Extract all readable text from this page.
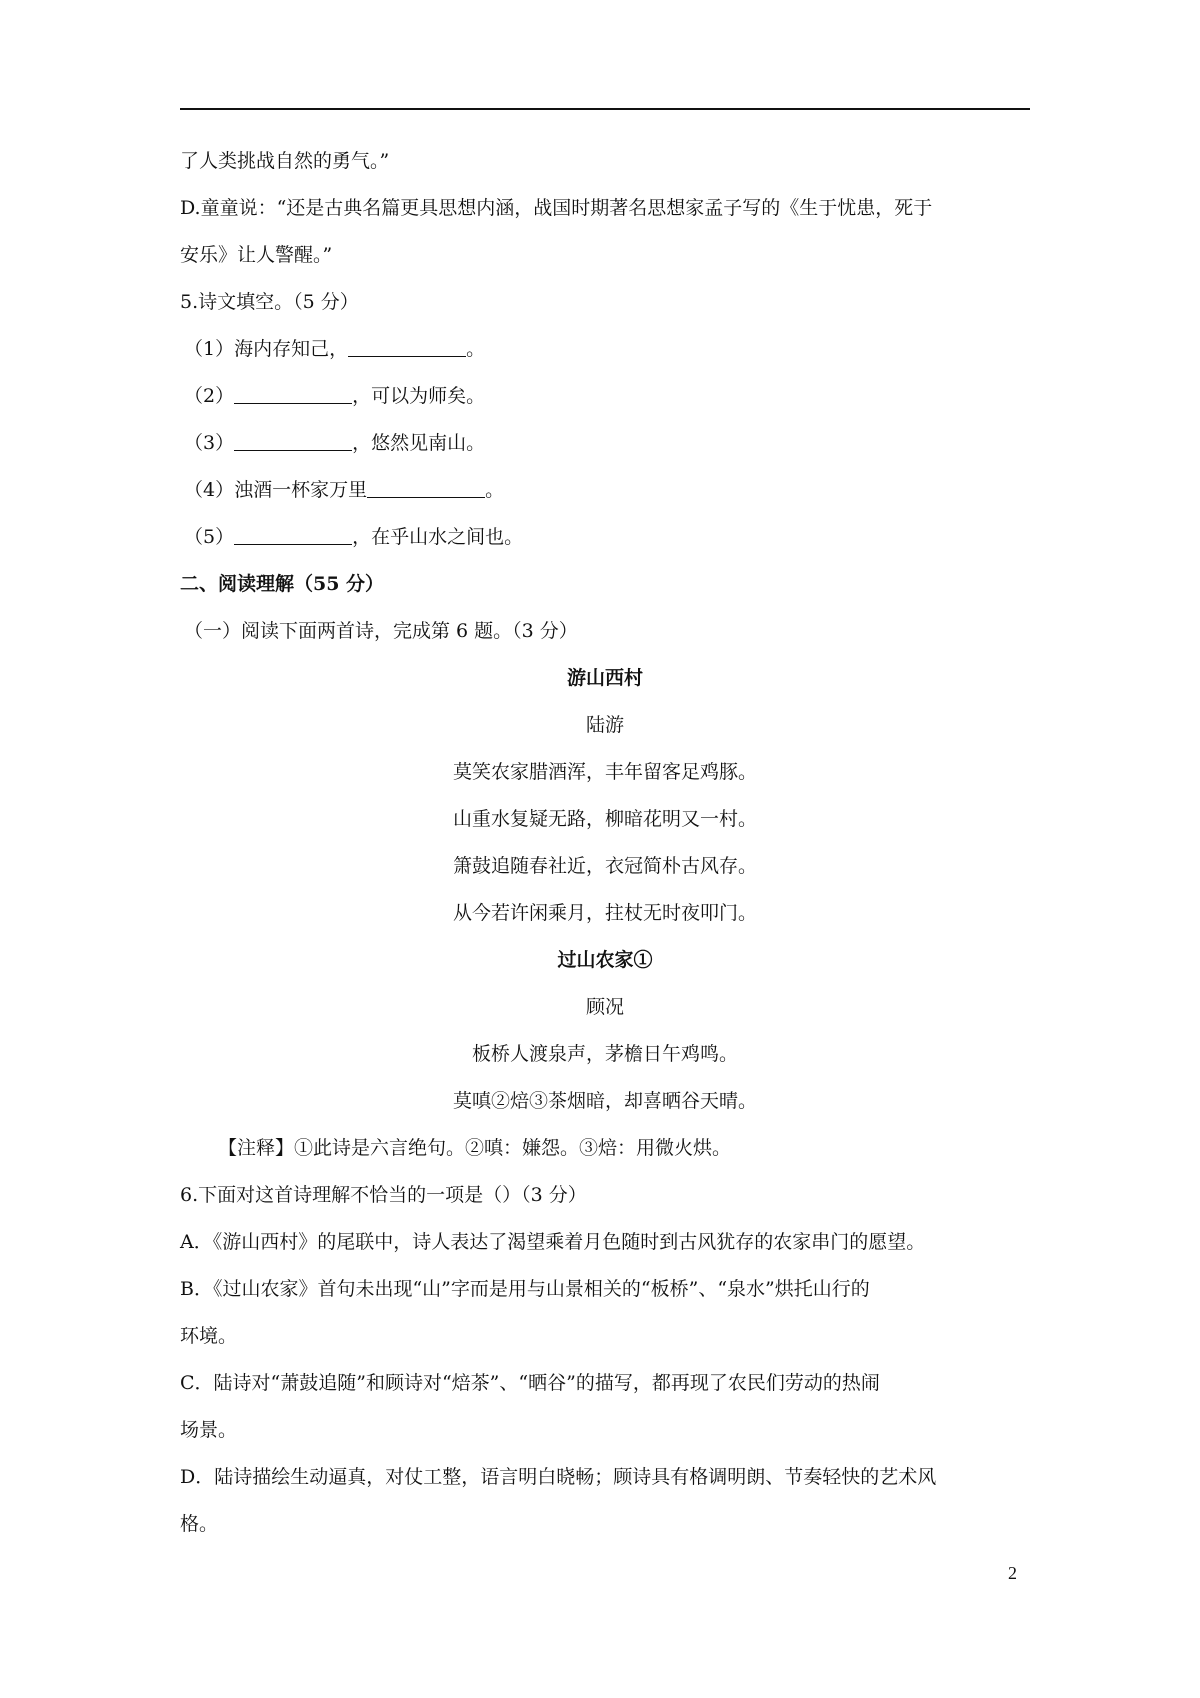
了人类挑战自然的勇气。”
D.童童说：“还是古典名篇更具思想内涵，战国时期著名思想家孟子写的《生于忧患，死于
安乐》让人警醒。”
5.诗文填空。（5 分）
（1）海内存知己，	。
（2）	，可以为师矣。
（3）	，悠然见南山。
（4）浊酒一杯家万里	。
（5）	，在乎山水之间也。
二、阅读理解（55 分）
（一）阅读下面两首诗，完成第 6 题。（3 分）
游山西村
陆游
莫笑农家腊酒浑，丰年留客足鸡豚。
山重水复疑无路，柳暗花明又一村。
箫鼓追随春社近，衣冠简朴古风存。
从今若许闲乘月，拄杖无时夜叩门。
过山农家①
顾况
板桥人渡泉声，茅檐日午鸡鸣。
莫嗔②焙③茶烟暗，却喜晒谷天晴。
【注释】①此诗是六言绝句。②嗔：嫌怨。③焙：用微火烘。
6.下面对这首诗理解不恰当的一项是（）（3 分）
A．《游山西村》的尾联中，诗人表达了渴望乘着月色随时到古风犹存的农家串门的愿望。
B．《过山农家》首句未出现“山”字而是用与山景相关的“板桥”、“泉水”烘托山行的
环境。
C．陆诗对“萧鼓追随”和顾诗对“焙茶”、“晒谷”的描写，都再现了农民们劳动的热闹
场景。
D．陆诗描绘生动逼真，对仗工整，语言明白晓畅；顾诗具有格调明朗、节奏轻快的艺术风
格。
2
